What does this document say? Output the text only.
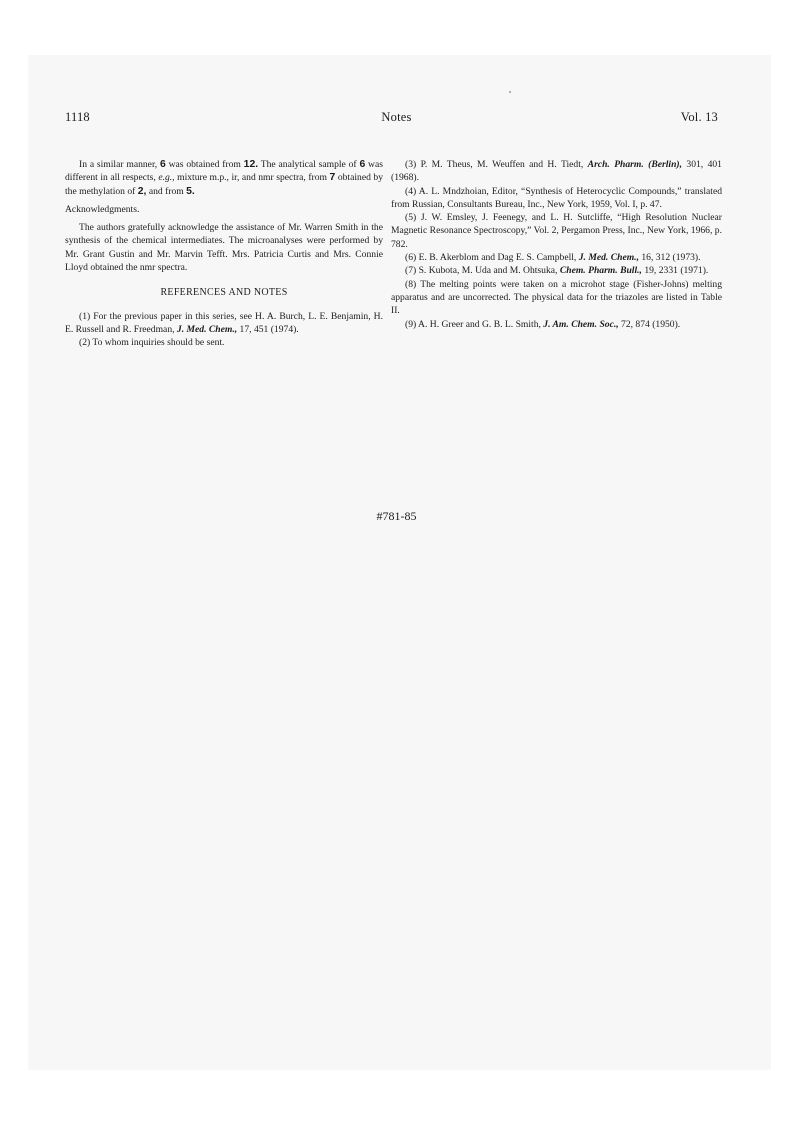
1118	Notes	Vol. 13

In a similar manner, 6 was obtained from 12. The analytical sample of 6 was different in all respects, e.g., mixture m.p., ir, and nmr spectra, from 7 obtained by the methylation of 2, and from 5.

Acknowledgments.

The authors gratefully acknowledge the assistance of Mr. Warren Smith in the synthesis of the chemical intermediates. The microanalyses were performed by Mr. Grant Gustin and Mr. Marvin Tefft. Mrs. Patricia Curtis and Mrs. Connie Lloyd obtained the nmr spectra.

REFERENCES AND NOTES

(1) For the previous paper in this series, see H. A. Burch, L. E. Benjamin, H. E. Russell and R. Freedman, J. Med. Chem., 17, 451 (1974).

(2) To whom inquiries should be sent.

(3) P. M. Theus, M. Weuffen and H. Tiedt, Arch. Pharm. (Berlin), 301, 401 (1968).

(4) A. L. Mndzhoian, Editor, “Synthesis of Heterocyclic Compounds,” translated from Russian, Consultants Bureau, Inc., New York, 1959, Vol. I, p. 47.

(5) J. W. Emsley, J. Feenegy, and L. H. Sutcliffe, “High Resolution Nuclear Magnetic Resonance Spectroscopy,” Vol. 2, Pergamon Press, Inc., New York, 1966, p. 782.

(6) E. B. Akerblom and Dag E. S. Campbell, J. Med. Chem., 16, 312 (1973).

(7) S. Kubota, M. Uda and M. Ohtsuka, Chem. Pharm. Bull., 19, 2331 (1971).

(8) The melting points were taken on a microhot stage (Fisher-Johns) melting apparatus and are uncorrected. The physical data for the triazoles are listed in Table II.

(9) A. H. Greer and G. B. L. Smith, J. Am. Chem. Soc., 72, 874 (1950).

#781-85
